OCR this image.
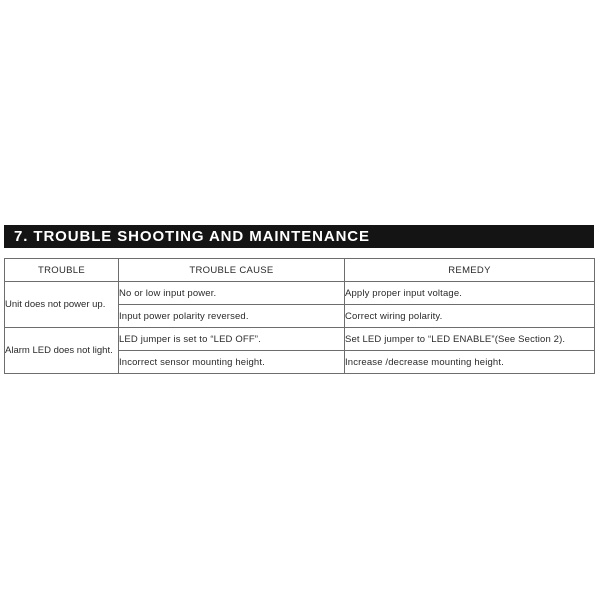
7. TROUBLE SHOOTING AND MAINTENANCE
TROUBLE	TROUBLE CAUSE	REMEDY
Unit does not power up.	No or low input power.	Apply proper input voltage.
	Input power polarity reversed.	Correct wiring polarity.
Alarm LED does not light.	LED jumper is set to “LED OFF”.	Set LED jumper to “LED ENABLE”(See Section 2).
	Incorrect sensor mounting height.	Increase /decrease mounting height.
